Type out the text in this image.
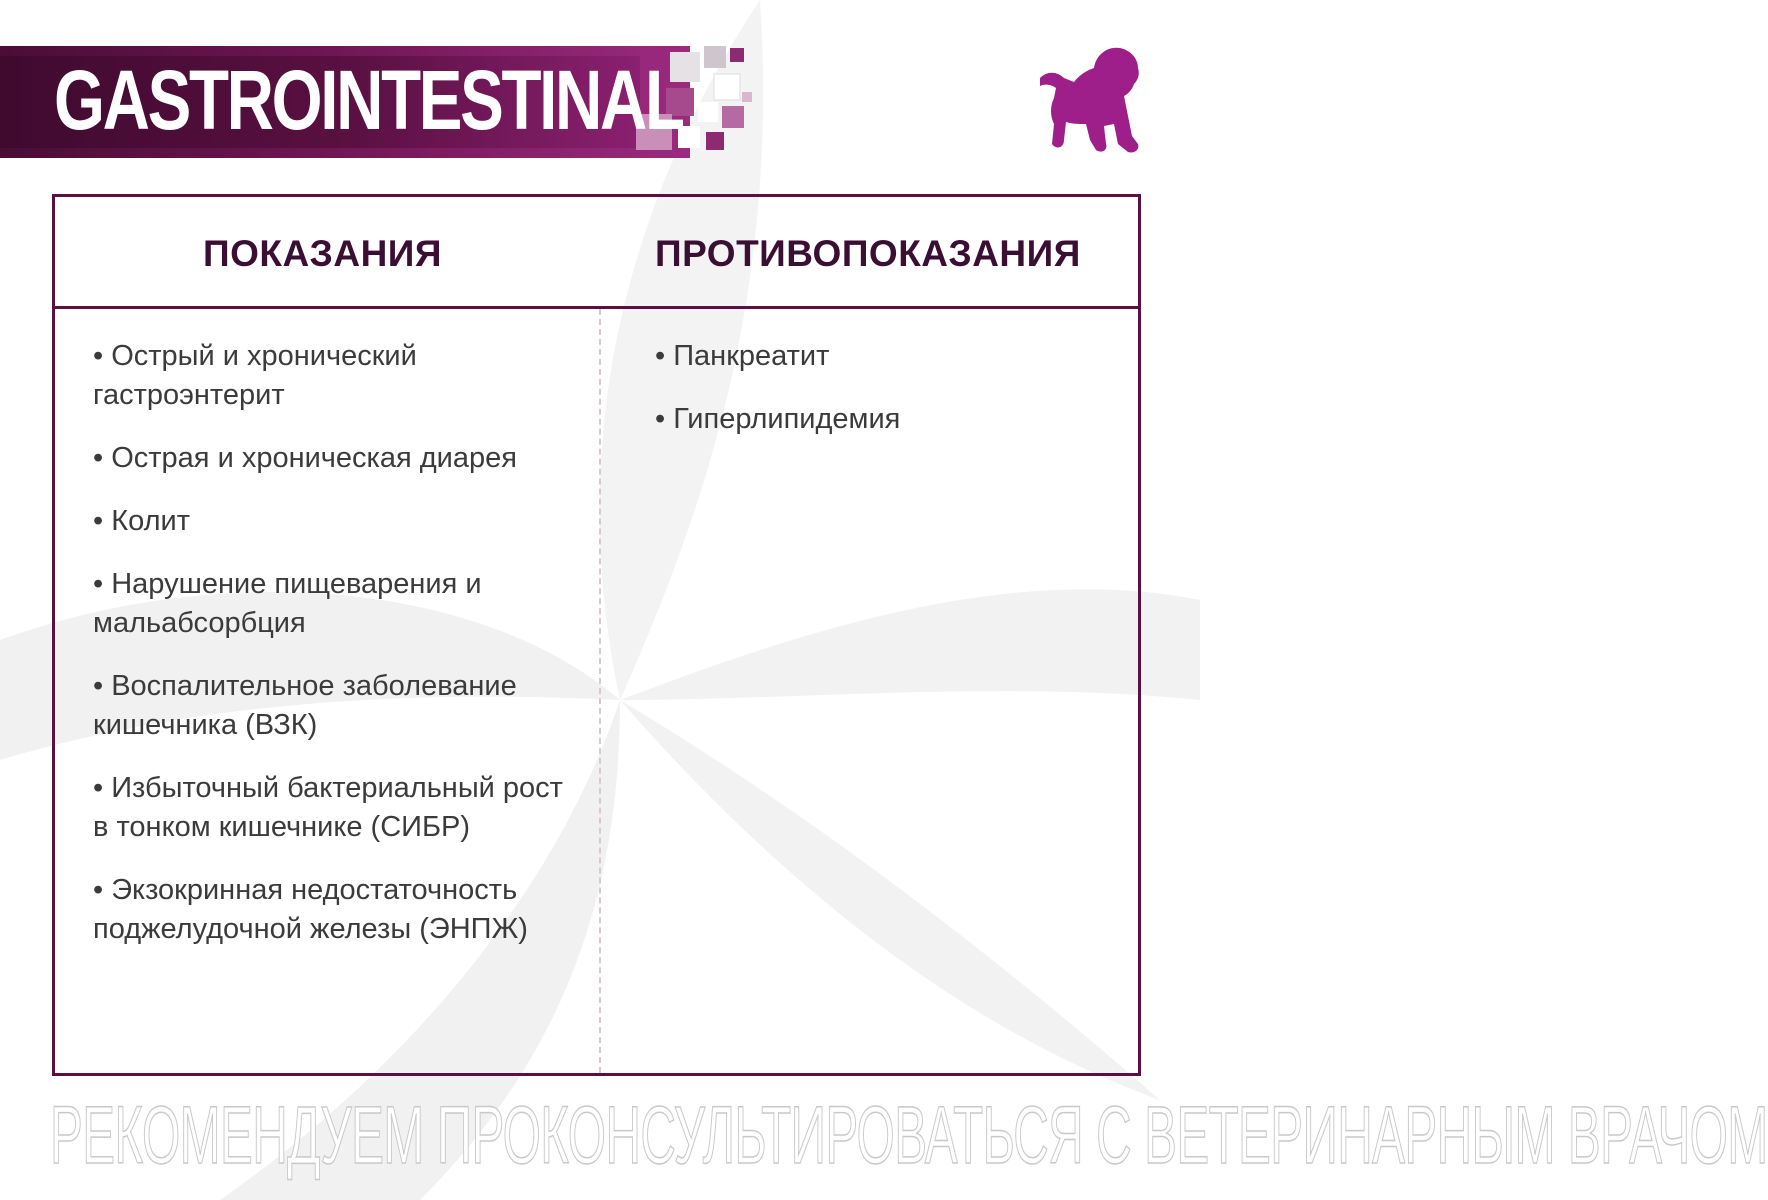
GASTROINTESTINAL
ПОКАЗАНИЯ	ПРОТИВОПОКАЗАНИЯ
• Острый и хронический гастроэнтерит
• Острая и хроническая диарея
• Колит
• Нарушение пищеварения и мальабсорбция
• Воспалительное заболевание кишечника (ВЗК)
• Избыточный бактериальный рост в тонком кишечнике (СИБР)
• Экзокринная недостаточность поджелудочной железы (ЭНПЖ)
• Панкреатит
• Гиперлипидемия
РЕКОМЕНДУЕМ ПРОКОНСУЛЬТИРОВАТЬСЯ С ВЕТЕРИНАРНЫМ ВРАЧОМ
